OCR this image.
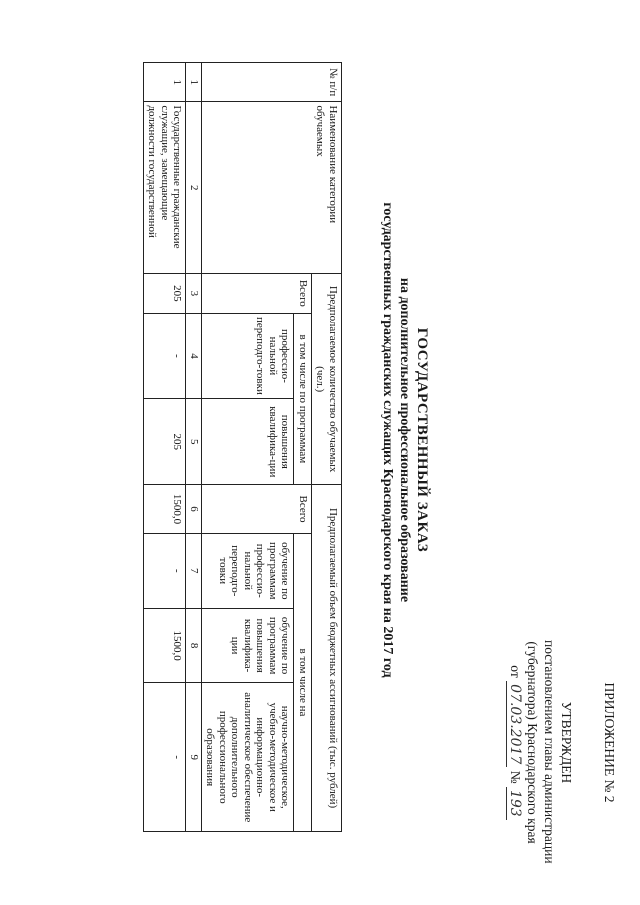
ПРИЛОЖЕНИЕ № 2
УТВЕРЖДЕН
постановлением главы администрации
(губернатора) Краснодарского края
от 07.03.2017 № 193
ГОСУДАРСТВЕННЫЙ ЗАКАЗ
на дополнительное профессиональное образование
государственных гражданских служащих Краснодарского края на 2017 год
№ п/п	Наименование категории обучаемых	Предполагаемое количество обучаемых (чел.)			Предполагаемый объем бюджетных ассигнований (тыс. рублей)			
		Всего	в том числе по программам		Всего	в том числе на		
			профессио-нальной переподго-товки	повышения квалифика-ции		обучение по программам профессио-нальной переподго-товки	обучение по программам повышения квалифика-ции	научно-методическое, учебно-методическое и информационно-аналитическое обеспечение дополнительного профессионального образования
1	2	3	4	5	6	7	8	9
1	Государственные гражданские служащие, замещающие должности государственной	205	-	205	1500,0	-	1500,0	-
